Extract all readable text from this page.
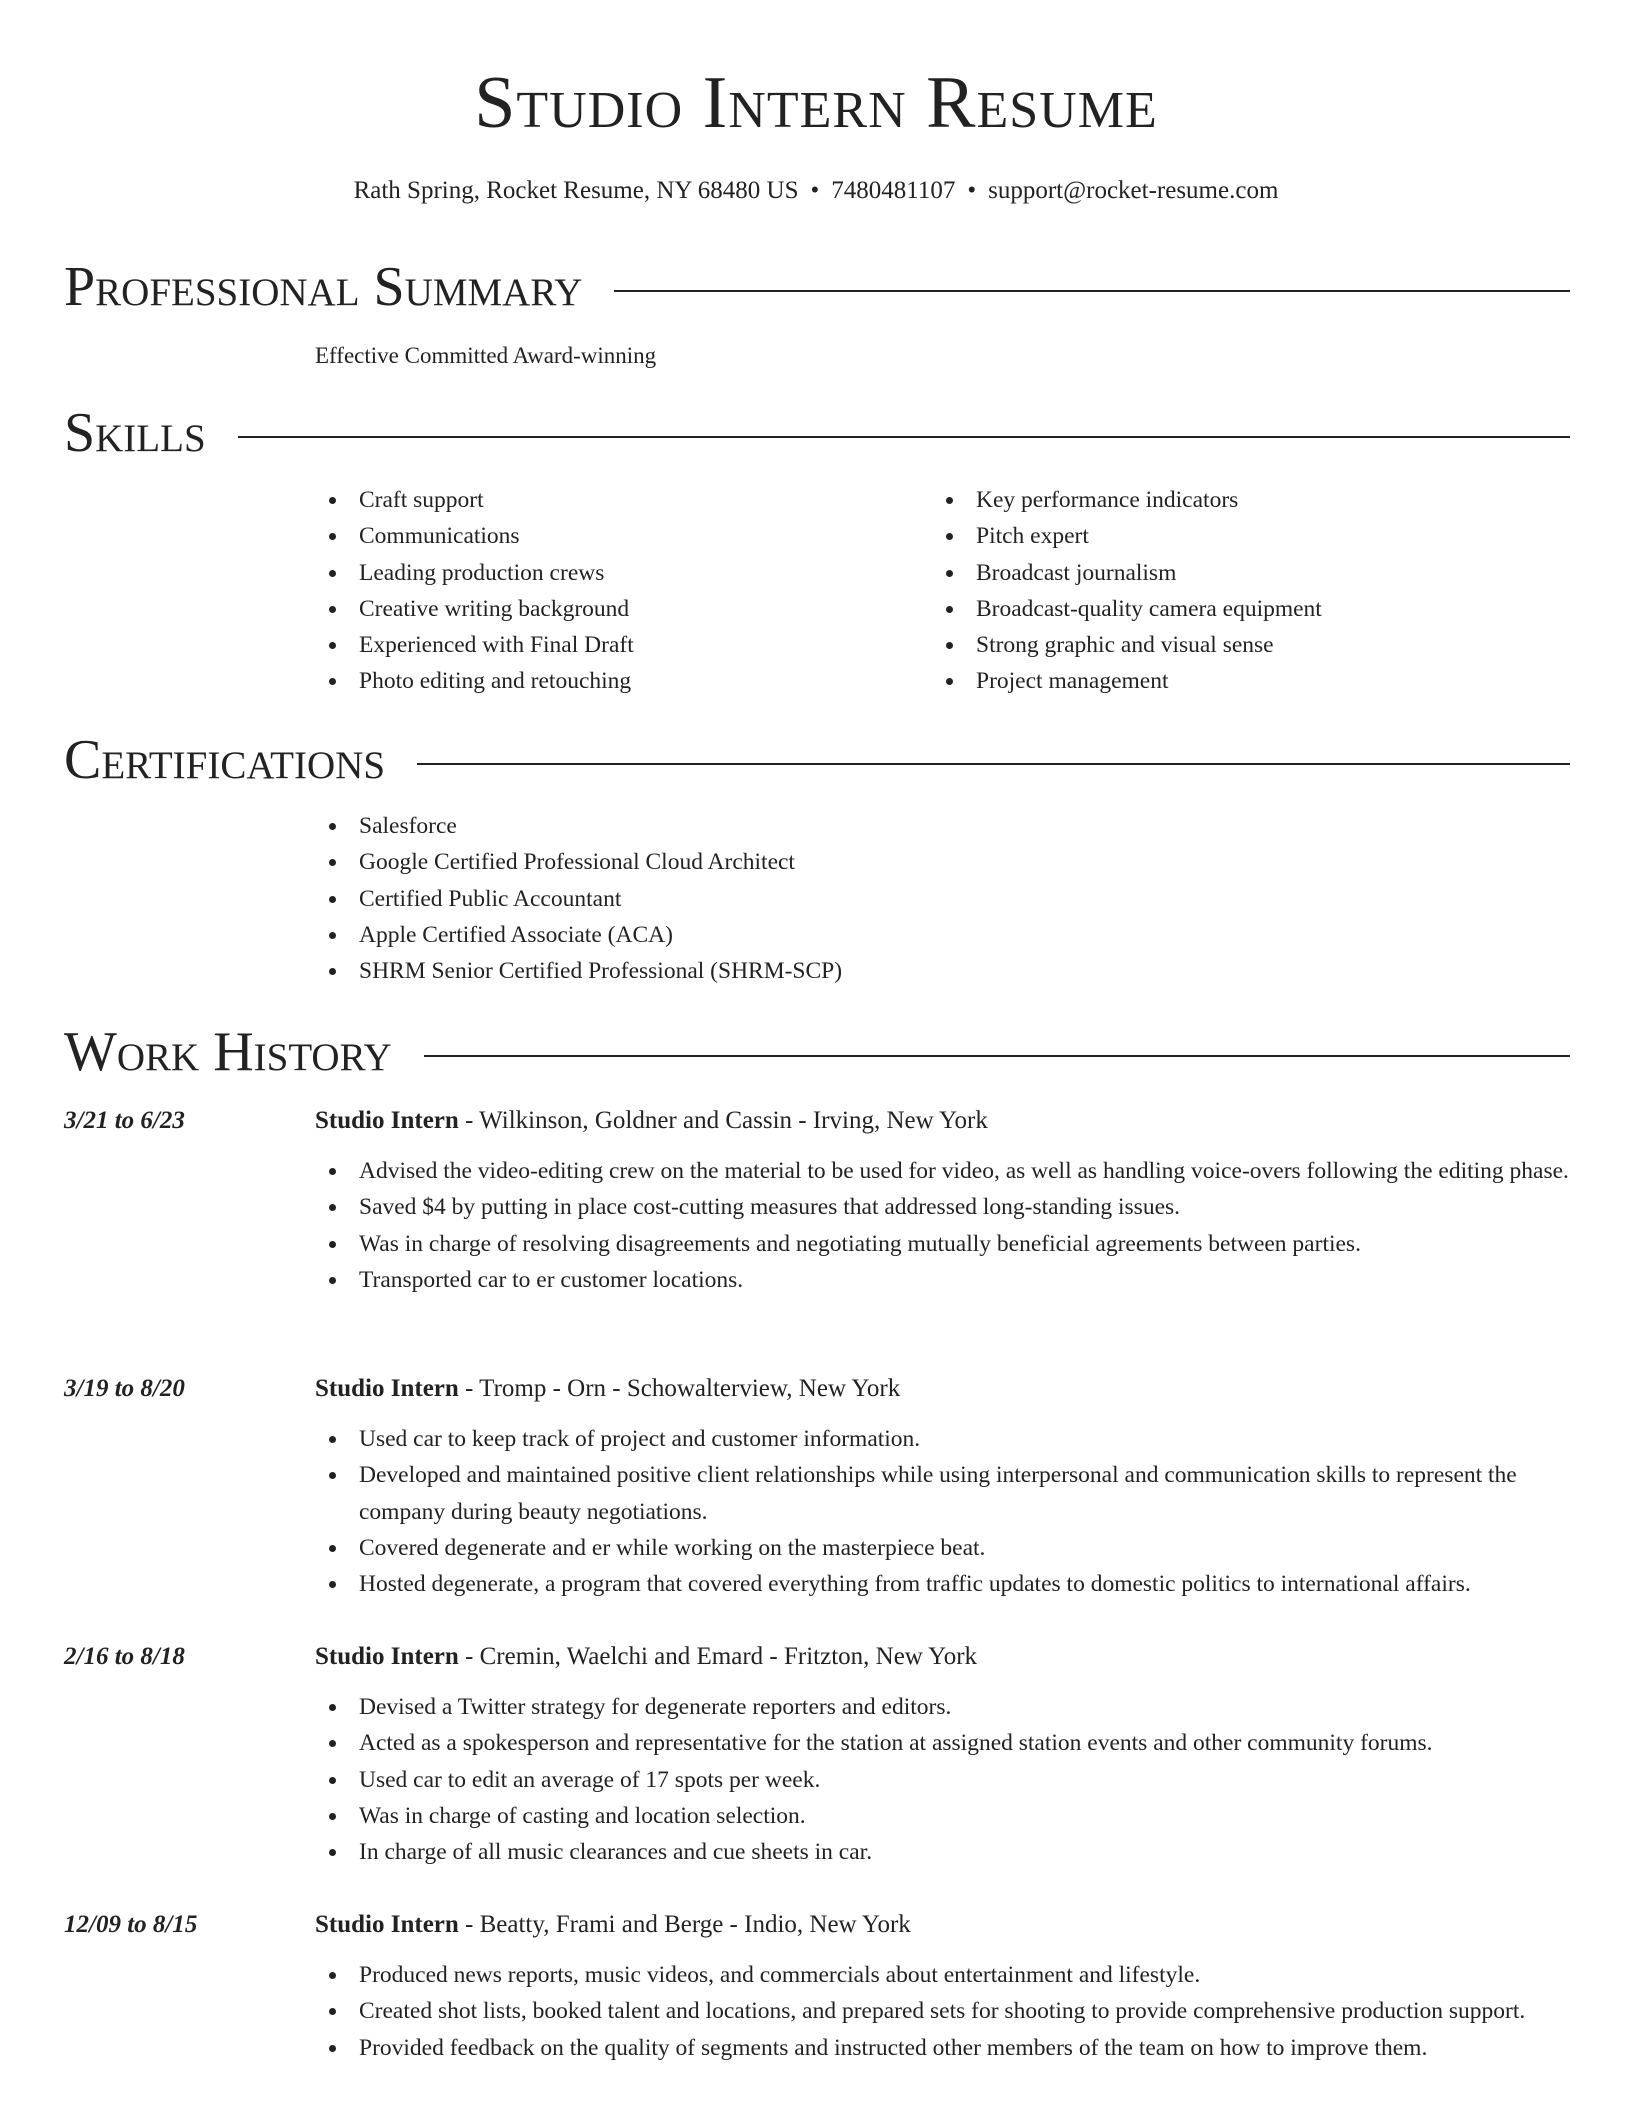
Studio Intern Resume
Rath Spring, Rocket Resume, NY 68480 US • 7480481107 • support@rocket-resume.com
Professional Summary
Effective Committed Award-winning
Skills
Craft support
Communications
Leading production crews
Creative writing background
Experienced with Final Draft
Photo editing and retouching
Key performance indicators
Pitch expert
Broadcast journalism
Broadcast-quality camera equipment
Strong graphic and visual sense
Project management
Certifications
Salesforce
Google Certified Professional Cloud Architect
Certified Public Accountant
Apple Certified Associate (ACA)
SHRM Senior Certified Professional (SHRM-SCP)
Work History
3/21 to 6/23	Studio Intern - Wilkinson, Goldner and Cassin - Irving, New York
Advised the video-editing crew on the material to be used for video, as well as handling voice-overs following the editing phase.
Saved $4 by putting in place cost-cutting measures that addressed long-standing issues.
Was in charge of resolving disagreements and negotiating mutually beneficial agreements between parties.
Transported car to er customer locations.
3/19 to 8/20	Studio Intern - Tromp - Orn - Schowalterview, New York
Used car to keep track of project and customer information.
Developed and maintained positive client relationships while using interpersonal and communication skills to represent the company during beauty negotiations.
Covered degenerate and er while working on the masterpiece beat.
Hosted degenerate, a program that covered everything from traffic updates to domestic politics to international affairs.
2/16 to 8/18	Studio Intern - Cremin, Waelchi and Emard - Fritzton, New York
Devised a Twitter strategy for degenerate reporters and editors.
Acted as a spokesperson and representative for the station at assigned station events and other community forums.
Used car to edit an average of 17 spots per week.
Was in charge of casting and location selection.
In charge of all music clearances and cue sheets in car.
12/09 to 8/15	Studio Intern - Beatty, Frami and Berge - Indio, New York
Produced news reports, music videos, and commercials about entertainment and lifestyle.
Created shot lists, booked talent and locations, and prepared sets for shooting to provide comprehensive production support.
Provided feedback on the quality of segments and instructed other members of the team on how to improve them.
